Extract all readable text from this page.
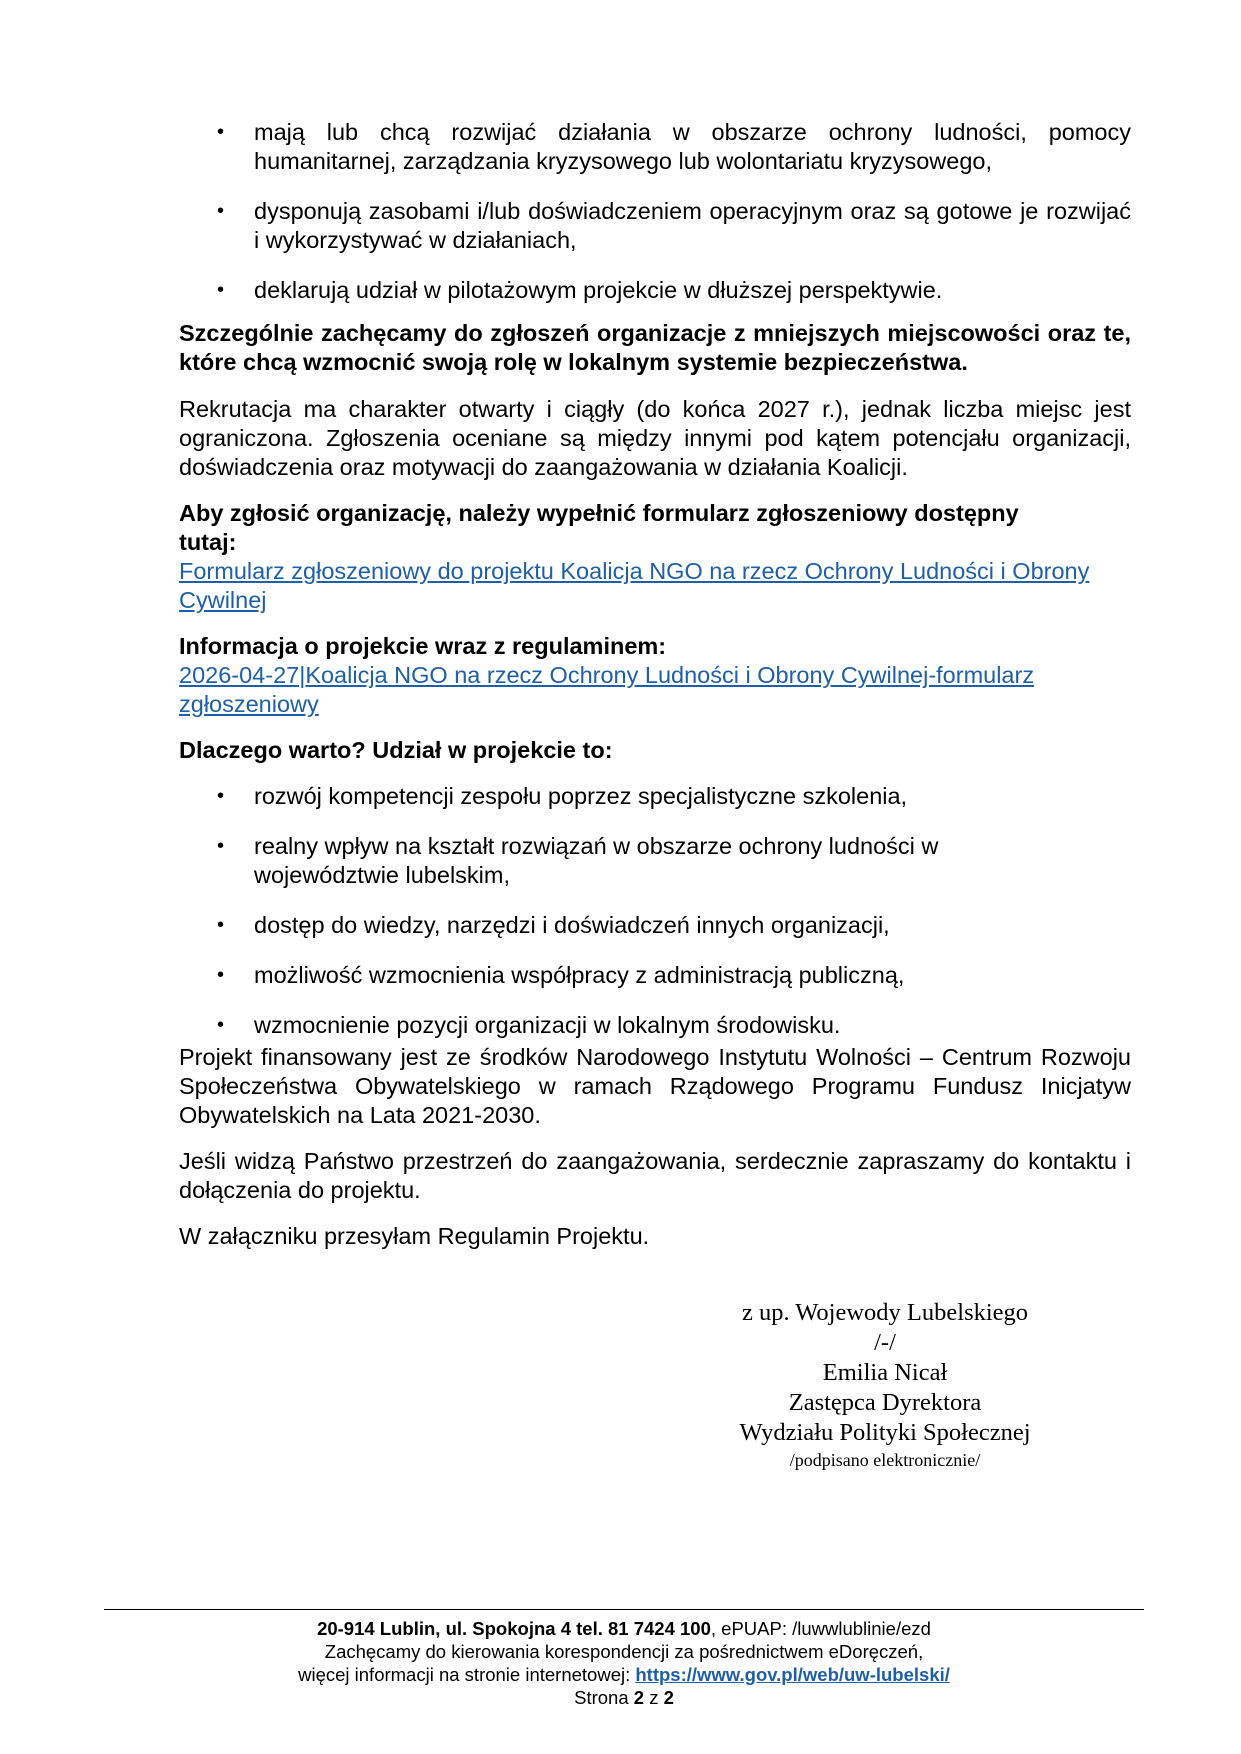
• mają lub chcą rozwijać działania w obszarze ochrony ludności, pomocy humanitarnej, zarządzania kryzysowego lub wolontariatu kryzysowego,
• dysponują zasobami i/lub doświadczeniem operacyjnym oraz są gotowe je rozwijać i wykorzystywać w działaniach,
• deklarują udział w pilotażowym projekcie w dłuższej perspektywie.

Szczególnie zachęcamy do zgłoszeń organizacje z mniejszych miejscowości oraz te, które chcą wzmocnić swoją rolę w lokalnym systemie bezpieczeństwa.

Rekrutacja ma charakter otwarty i ciągły (do końca 2027 r.), jednak liczba miejsc jest ograniczona. Zgłoszenia oceniane są między innymi pod kątem potencjału organizacji, doświadczenia oraz motywacji do zaangażowania w działania Koalicji.

Aby zgłosić organizację, należy wypełnić formularz zgłoszeniowy dostępny tutaj:

Formularz zgłoszeniowy do projektu Koalicja NGO na rzecz Ochrony Ludności i Obrony Cywilnej

Informacja o projekcie wraz z regulaminem:

2026-04-27|Koalicja NGO na rzecz Ochrony Ludności i Obrony Cywilnej-formularz zgłoszeniowy

Dlaczego warto? Udział w projekcie to:

• rozwój kompetencji zespołu poprzez specjalistyczne szkolenia,
• realny wpływ na kształt rozwiązań w obszarze ochrony ludności w województwie lubelskim,
• dostęp do wiedzy, narzędzi i doświadczeń innych organizacji,
• możliwość wzmocnienia współpracy z administracją publiczną,
• wzmocnienie pozycji organizacji w lokalnym środowisku.

Projekt finansowany jest ze środków Narodowego Instytutu Wolności – Centrum Rozwoju Społeczeństwa Obywatelskiego w ramach Rządowego Programu Fundusz Inicjatyw Obywatelskich na Lata 2021-2030.

Jeśli widzą Państwo przestrzeń do zaangażowania, serdecznie zapraszamy do kontaktu i dołączenia do projektu.

W załączniku przesyłam Regulamin Projektu.

z up. Wojewody Lubelskiego
/-/
Emilia Nicał
Zastępca Dyrektora
Wydziału Polityki Społecznej
/podpisano elektronicznie/
20-914 Lublin, ul. Spokojna 4 tel. 81 7424 100, ePUAP: /luwwlublinie/ezd
Zachęcamy do kierowania korespondencji za pośrednictwem eDoręczeń,
więcej informacji na stronie internetowej: https://www.gov.pl/web/uw-lubelski/
Strona 2 z 2
